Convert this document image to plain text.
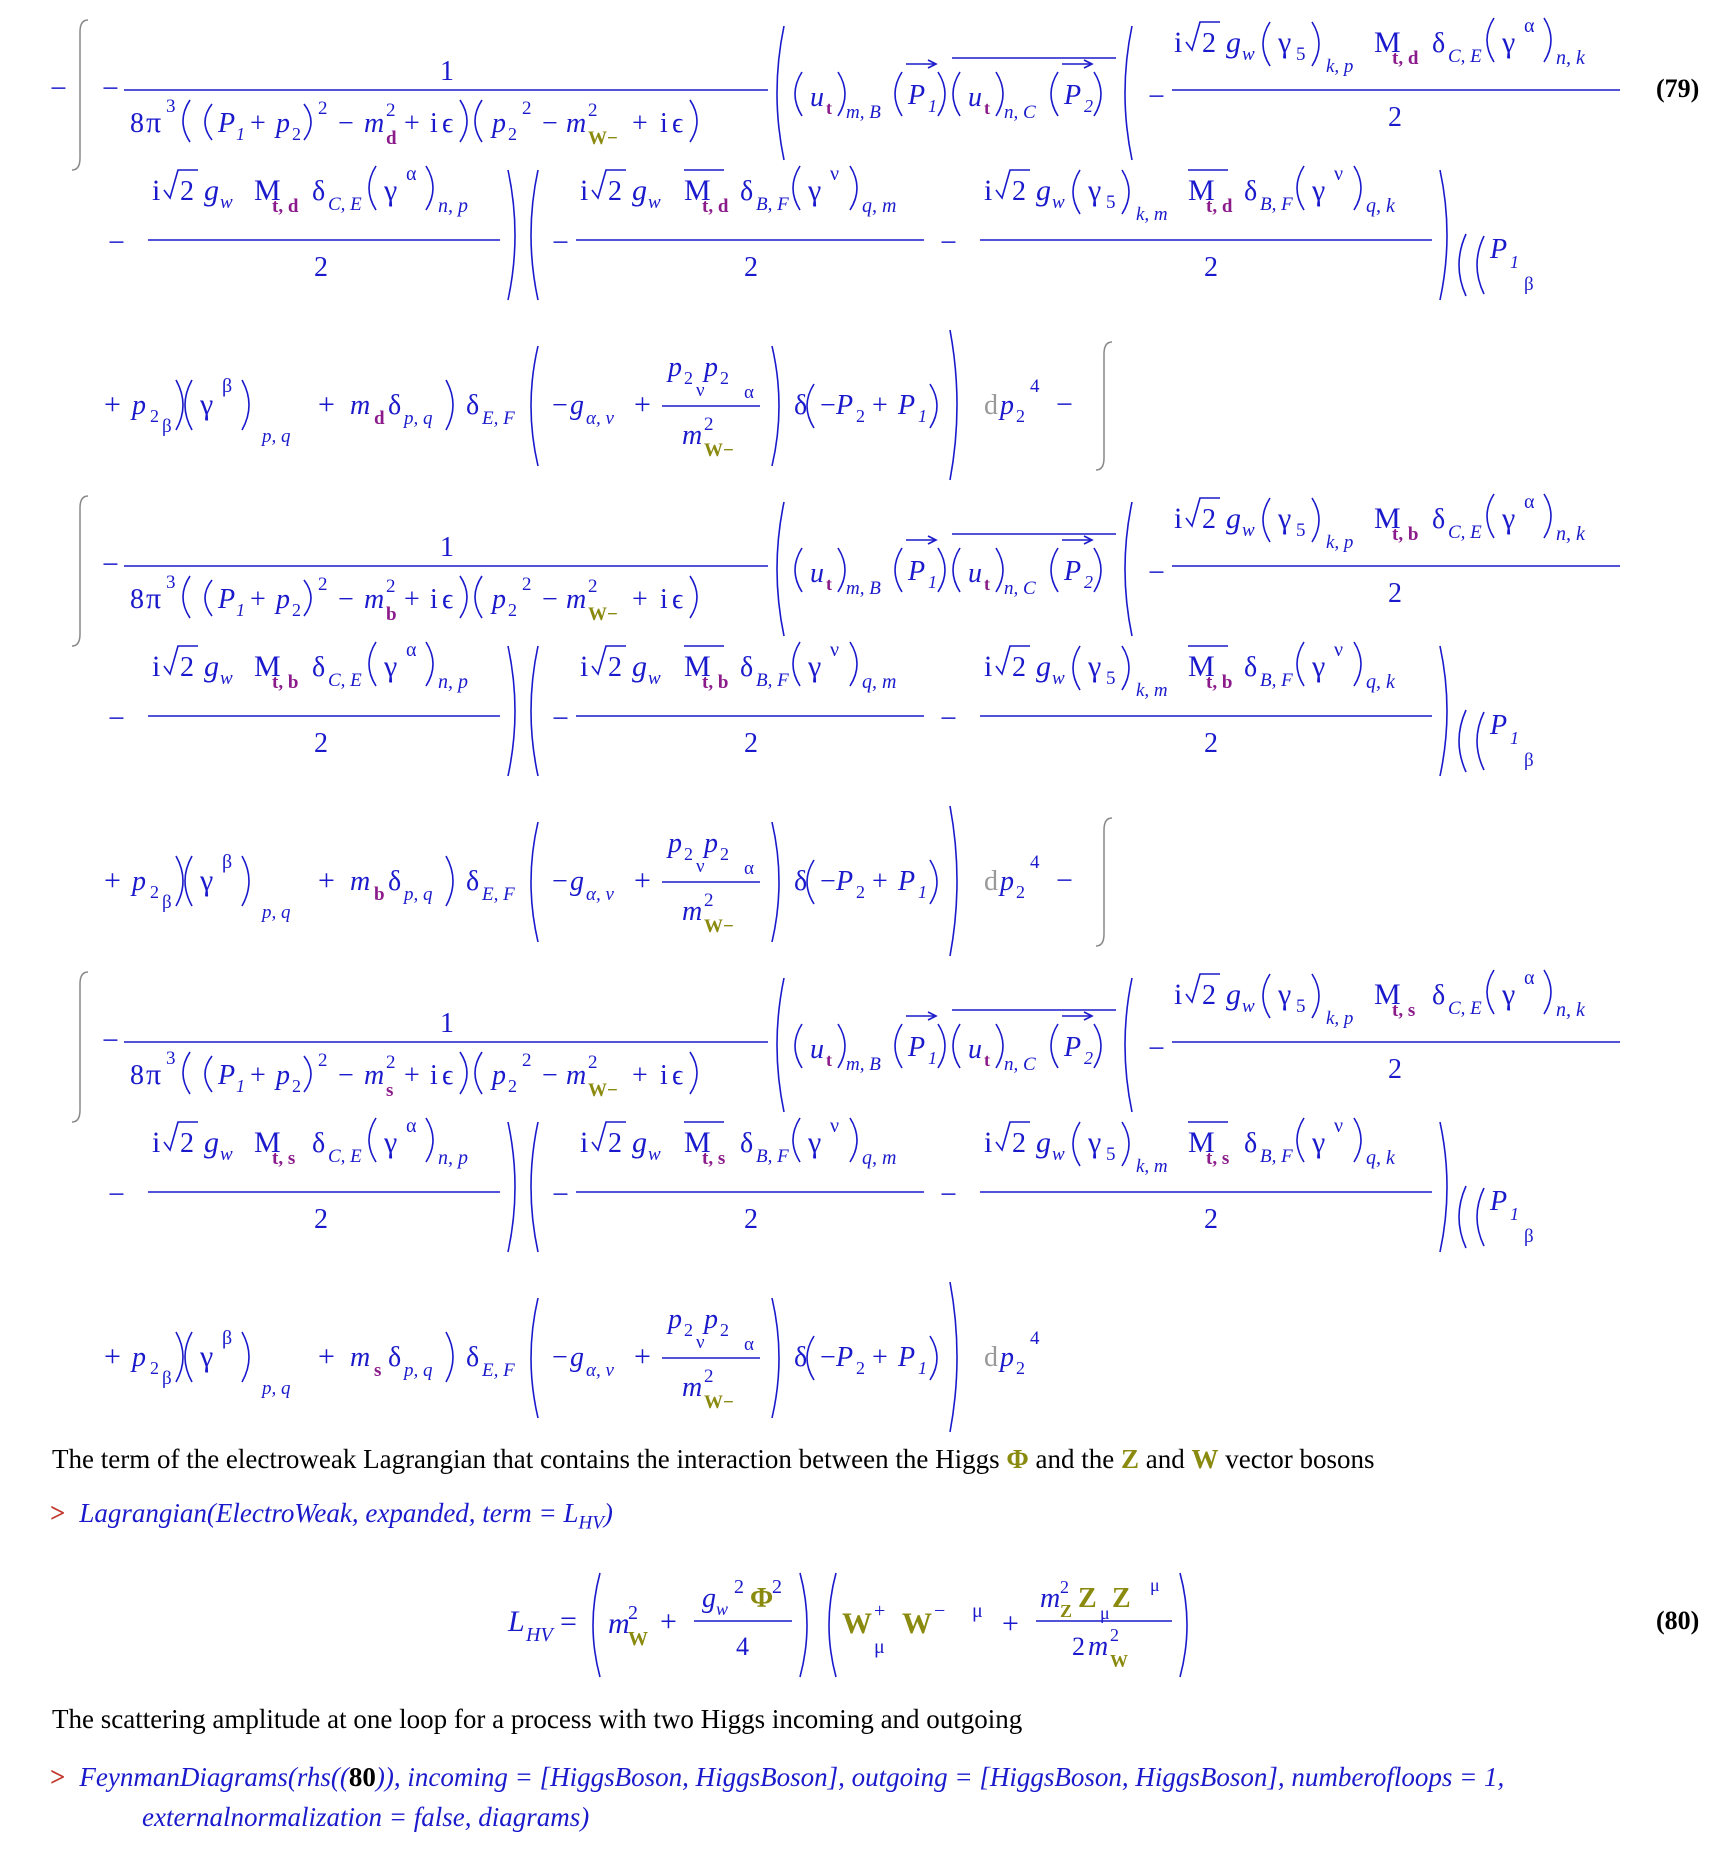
− −
1
8 π 3
P 1 + p 2
2 − m 2
d + i ϵ p 2
2 − m 2
W− + i ϵ
u t m, B
P 1 u t n, C
P 2 −
i 2 g w γ 5
k, p
M
t, d δ C, E γ α
n, k
2
−
i 2 g w M
t, d δ C, E γ α
n, p
2
−
i 2 g w M
t, d δ B, F γ ν
q, m
2
−
i 2 g w γ 5
k, m
M
t, d δ B, F γ ν
q, k
2
P 1
β
+ p 2 β
γ
β
p, q
+ m d δ p, q δ E, F − g α, ν +
p 2 p 2
ν α
m 2
W−
δ − P 2 + P 1 d p 2
4
−
−
1
8 π 3
P 1 + p 2
2 − m 2
b + i ϵ p 2
2 − m 2
W− + i ϵ
u t m, B
P 1 u t n, C
P 2 −
i 2 g w γ 5
k, p
M
t, b δ C, E γ α
n, k
2
−
i 2 g w M
t, b δ C, E γ α
n, p
2
−
i 2 g w M
t, b δ B, F γ ν
q, m
2
−
i 2 g w γ 5
k, m
M
t, b δ B, F γ ν
q, k
2
P 1
β
+ p 2 β
γ
β
p, q
+ m b δ p, q δ E, F − g α, ν +
p 2 p 2
ν α
m 2
W−
δ − P 2 + P 1 d p 2
4
−
−
1
8 π 3
P 1 + p 2
2 − m 2
s + i ϵ p 2
2 − m 2
W− + i ϵ
u t m, B
P 1 u t n, C
P 2 −
i 2 g w γ 5
k, p
M
t, s δ C, E γ α
n, k
2
−
i 2 g w M
t, s δ C, E γ α
n, p
2
−
i 2 g w M
t, s δ B, F γ ν
q, m
2
−
i 2 g w γ 5
k, m
M
t, s δ B, F γ ν
q, k
2
P 1
β
+ p 2 β
γ
β
p, q
+ m s δ p, q δ E, F − g α, ν +
p 2 p 2
ν α
m 2
W−
δ − P 2 + P 1 d p 2
4
(79)
The term of the electroweak Lagrangian that contains the interaction between the Higgs Φ and the Z and W vector bosons
> Lagrangian(ElectroWeak, expanded, term = $L_{HV}$)
L HV = m
2
W
+
g w
2 Φ
2
4
W +
μ
W − μ +
m 2
Z Z μ Z μ
2 m 2
W
(80)
The scattering amplitude at one loop for a process with two Higgs incoming and outgoing
> FeynmanDiagrams(rhs((80)), incoming = [HiggsBoson, HiggsBoson], outgoing = [HiggsBoson, HiggsBoson], numberofloops = 1,
externalnormalization = false, diagrams)
